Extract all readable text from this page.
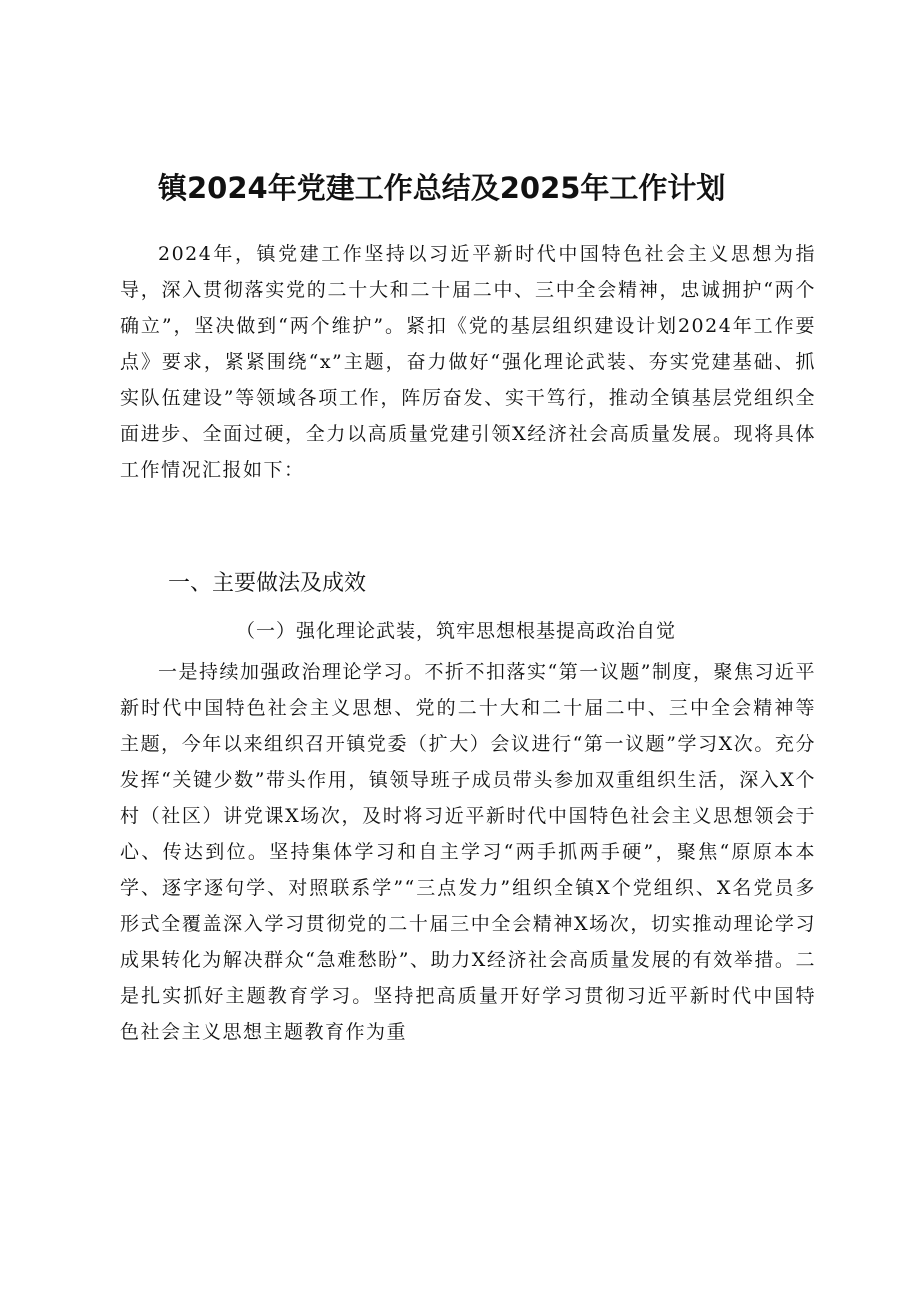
镇2024年党建工作总结及2025年工作计划

2024年，镇党建工作坚持以习近平新时代中国特色社会主义思想为指导，深入贯彻落实党的二十大和二十届二中、三中全会精神，忠诚拥护“两个确立”，坚决做到“两个维护”。紧扣《党的基层组织建设计划2024年工作要点》要求，紧紧围绕“x”主题，奋力做好“强化理论武装、夯实党建基础、抓实队伍建设”等领域各项工作，阵厉奋发、实干笃行，推动全镇基层党组织全面进步、全面过硬，全力以高质量党建引领X经济社会高质量发展。现将具体工作情况汇报如下：

一、主要做法及成效
（一）强化理论武装，筑牢思想根基提高政治自觉

一是持续加强政治理论学习。不折不扣落实“第一议题”制度，聚焦习近平新时代中国特色社会主义思想、党的二十大和二十届二中、三中全会精神等主题，今年以来组织召开镇党委（扩大）会议进行“第一议题”学习X次。充分发挥“关键少数”带头作用，镇领导班子成员带头参加双重组织生活，深入X个村（社区）讲党课X场次，及时将习近平新时代中国特色社会主义思想领会于心、传达到位。坚持集体学习和自主学习“两手抓两手硬”，聚焦“原原本本学、逐字逐句学、对照联系学”“三点发力”组织全镇X个党组织、X名党员多形式全覆盖深入学习贯彻党的二十届三中全会精神X场次，切实推动理论学习成果转化为解决群众“急难愁盼”、助力X经济社会高质量发展的有效举措。二是扎实抓好主题教育学习。坚持把高质量开好学习贯彻习近平新时代中国特色社会主义思想主题教育作为重
